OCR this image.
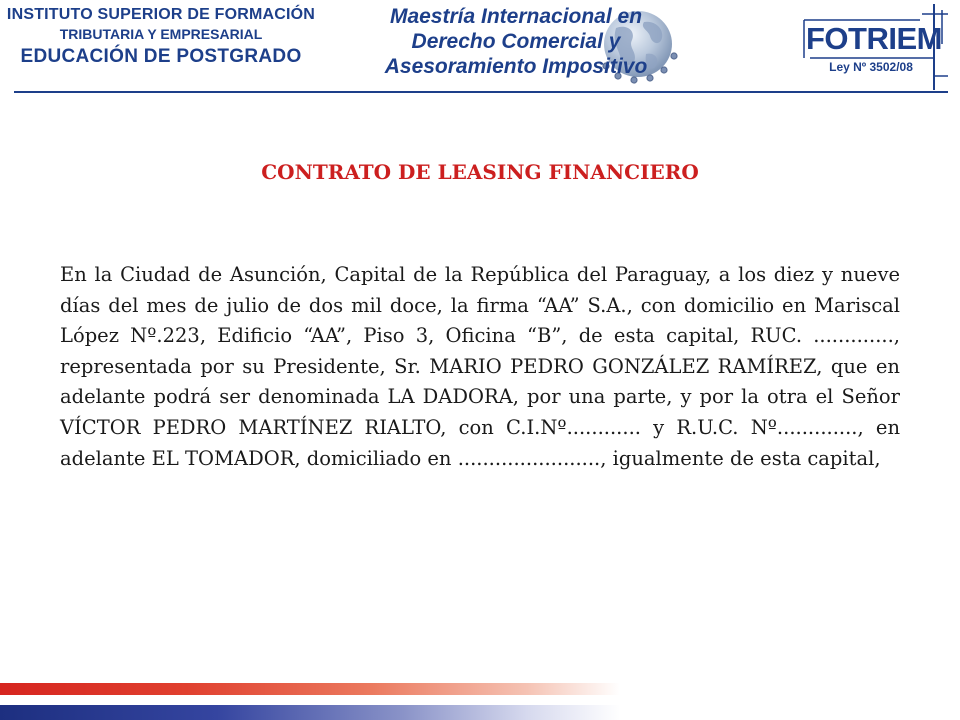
INSTITUTO SUPERIOR DE FORMACIÓN
TRIBUTARIA Y EMPRESARIAL
EDUCACIÓN DE POSTGRADO
Maestría Internacional en
Derecho Comercial y
Asesoramiento Impositivo
FOTRIEM
Ley Nº 3502/08
CONTRATO DE LEASING FINANCIERO
En la Ciudad de Asunción, Capital de la República del Paraguay, a los diez y nueve días del mes de julio de dos mil doce, la firma “AA” S.A., con domicilio en Mariscal López Nº.223, Edificio “AA”, Piso 3, Oficina “B”, de esta capital, RUC. ............., representada por su Presidente, Sr. MARIO PEDRO GONZÁLEZ RAMÍREZ, que en adelante podrá ser denominada LA DADORA, por una parte, y por la otra el Señor VÍCTOR PEDRO MARTÍNEZ RIALTO, con C.I.Nº............ y R.U.C. Nº............., en adelante EL TOMADOR, domiciliado en ......................., igualmente de esta capital,
